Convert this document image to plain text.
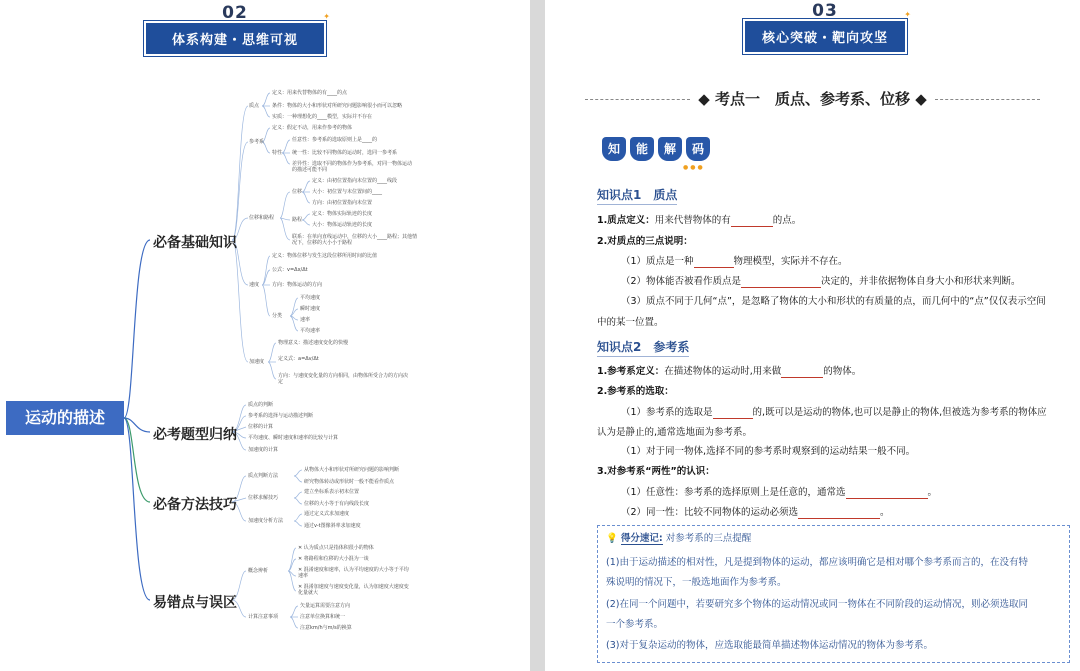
02
体系构建・思维可视
✦
运动的描述
必备基础知识
必考题型归纳
必备方法技巧
易错点与误区
质点
定义：用来代替物体的有____的点
条件：物体的大小和形状对所研究问题影响很小而可以忽略
实质：一种理想化的____模型，实际并不存在
参考系
定义：假定不动，用来作参考的物体
特性
任意性：参考系的选取原则上是____的
统一性：比较不同物体的运动时，选同一参考系
差异性：选取不同的物体作为参考系，对同一物体运动的描述可能不同
位移和路程
位移
定义：由初位置指向末位置的____线段
大小：初位置与末位置间的____
方向：由初位置指向末位置
路程
定义：物体实际轨迹的长度
大小：物体运动轨迹的长度
联系：在单向直线运动中，位移的大小____路程；其他情况下，位移的大小小于路程
速度
定义：物体位移与发生这段位移所用时间的比值
公式：v=Δx/Δt
方向：物体运动的方向
分类
平均速度
瞬时速度
速率
平均速率
加速度
物理意义：描述速度变化的快慢
定义式：a=Δv/Δt
方向：与速度变化量的方向相同，由物体所受合力的方向决定
质点的判断
参考系的选择与运动描述判断
位移的计算
平均速度、瞬时速度和速率的比较与计算
加速度的计算
质点判断方法
从物体大小和形状对所研究问题的影响判断
研究物体转动或形状时一般不能看作质点
位移求解技巧
建立坐标系表示初末位置
位移的大小等于有向线段长度
加速度分析方法
通过定义式求加速度
通过v-t图像斜率求加速度
概念辨析
✕ 认为质点只是指体积很小的物体
✕ 将路程和位移的大小混为一谈
✕ 混淆速度和速率，认为平均速度的大小等于平均速率
✕ 混淆加速度与速度变化量，认为加速度大速度变化量就大
计算注意事项
矢量运算需要注意方向
注意单位换算和统一
注意km/h与m/s的换算
03
核心突破・靶向攻坚
✦
◆ 考点一　质点、参考系、位移 ◆
知 能 解 码
●●●
知识点1　质点
1.质点定义：用来代替物体的有	的点。
2.对质点的三点说明：
（1）质点是一种	物理模型，实际并不存在。
（2）物体能否被看作质点是	决定的，并非依据物体自身大小和形状来判断。
（3）质点不同于几何“点”，是忽略了物体的大小和形状的有质量的点，而几何中的“点”仅仅表示空间
中的某一位置。
知识点2　参考系
1.参考系定义：在描述物体的运动时,用来做	的物体。
2.参考系的选取：
（1）参考系的选取是	的,既可以是运动的物体,也可以是静止的物体,但被选为参考系的物体应
认为是静止的,通常选地面为参考系。
（1）对于同一物体,选择不同的参考系时观察到的运动结果一般不同。
3.对参考系“两性”的认识：
（1）任意性：参考系的选择原则上是任意的，通常选	。
（2）同一性：比较不同物体的运动必须选	。
💡 得分速记: 对参考系的三点提醒
(1)由于运动描述的相对性，凡是提到物体的运动，都应该明确它是相对哪个参考系而言的，在没有特
殊说明的情况下，一般选地面作为参考系。
(2)在同一个问题中，若要研究多个物体的运动情况或同一物体在不同阶段的运动情况，则必须选取同
一个参考系。
(3)对于复杂运动的物体，应选取能最简单描述物体运动情况的物体为参考系。
